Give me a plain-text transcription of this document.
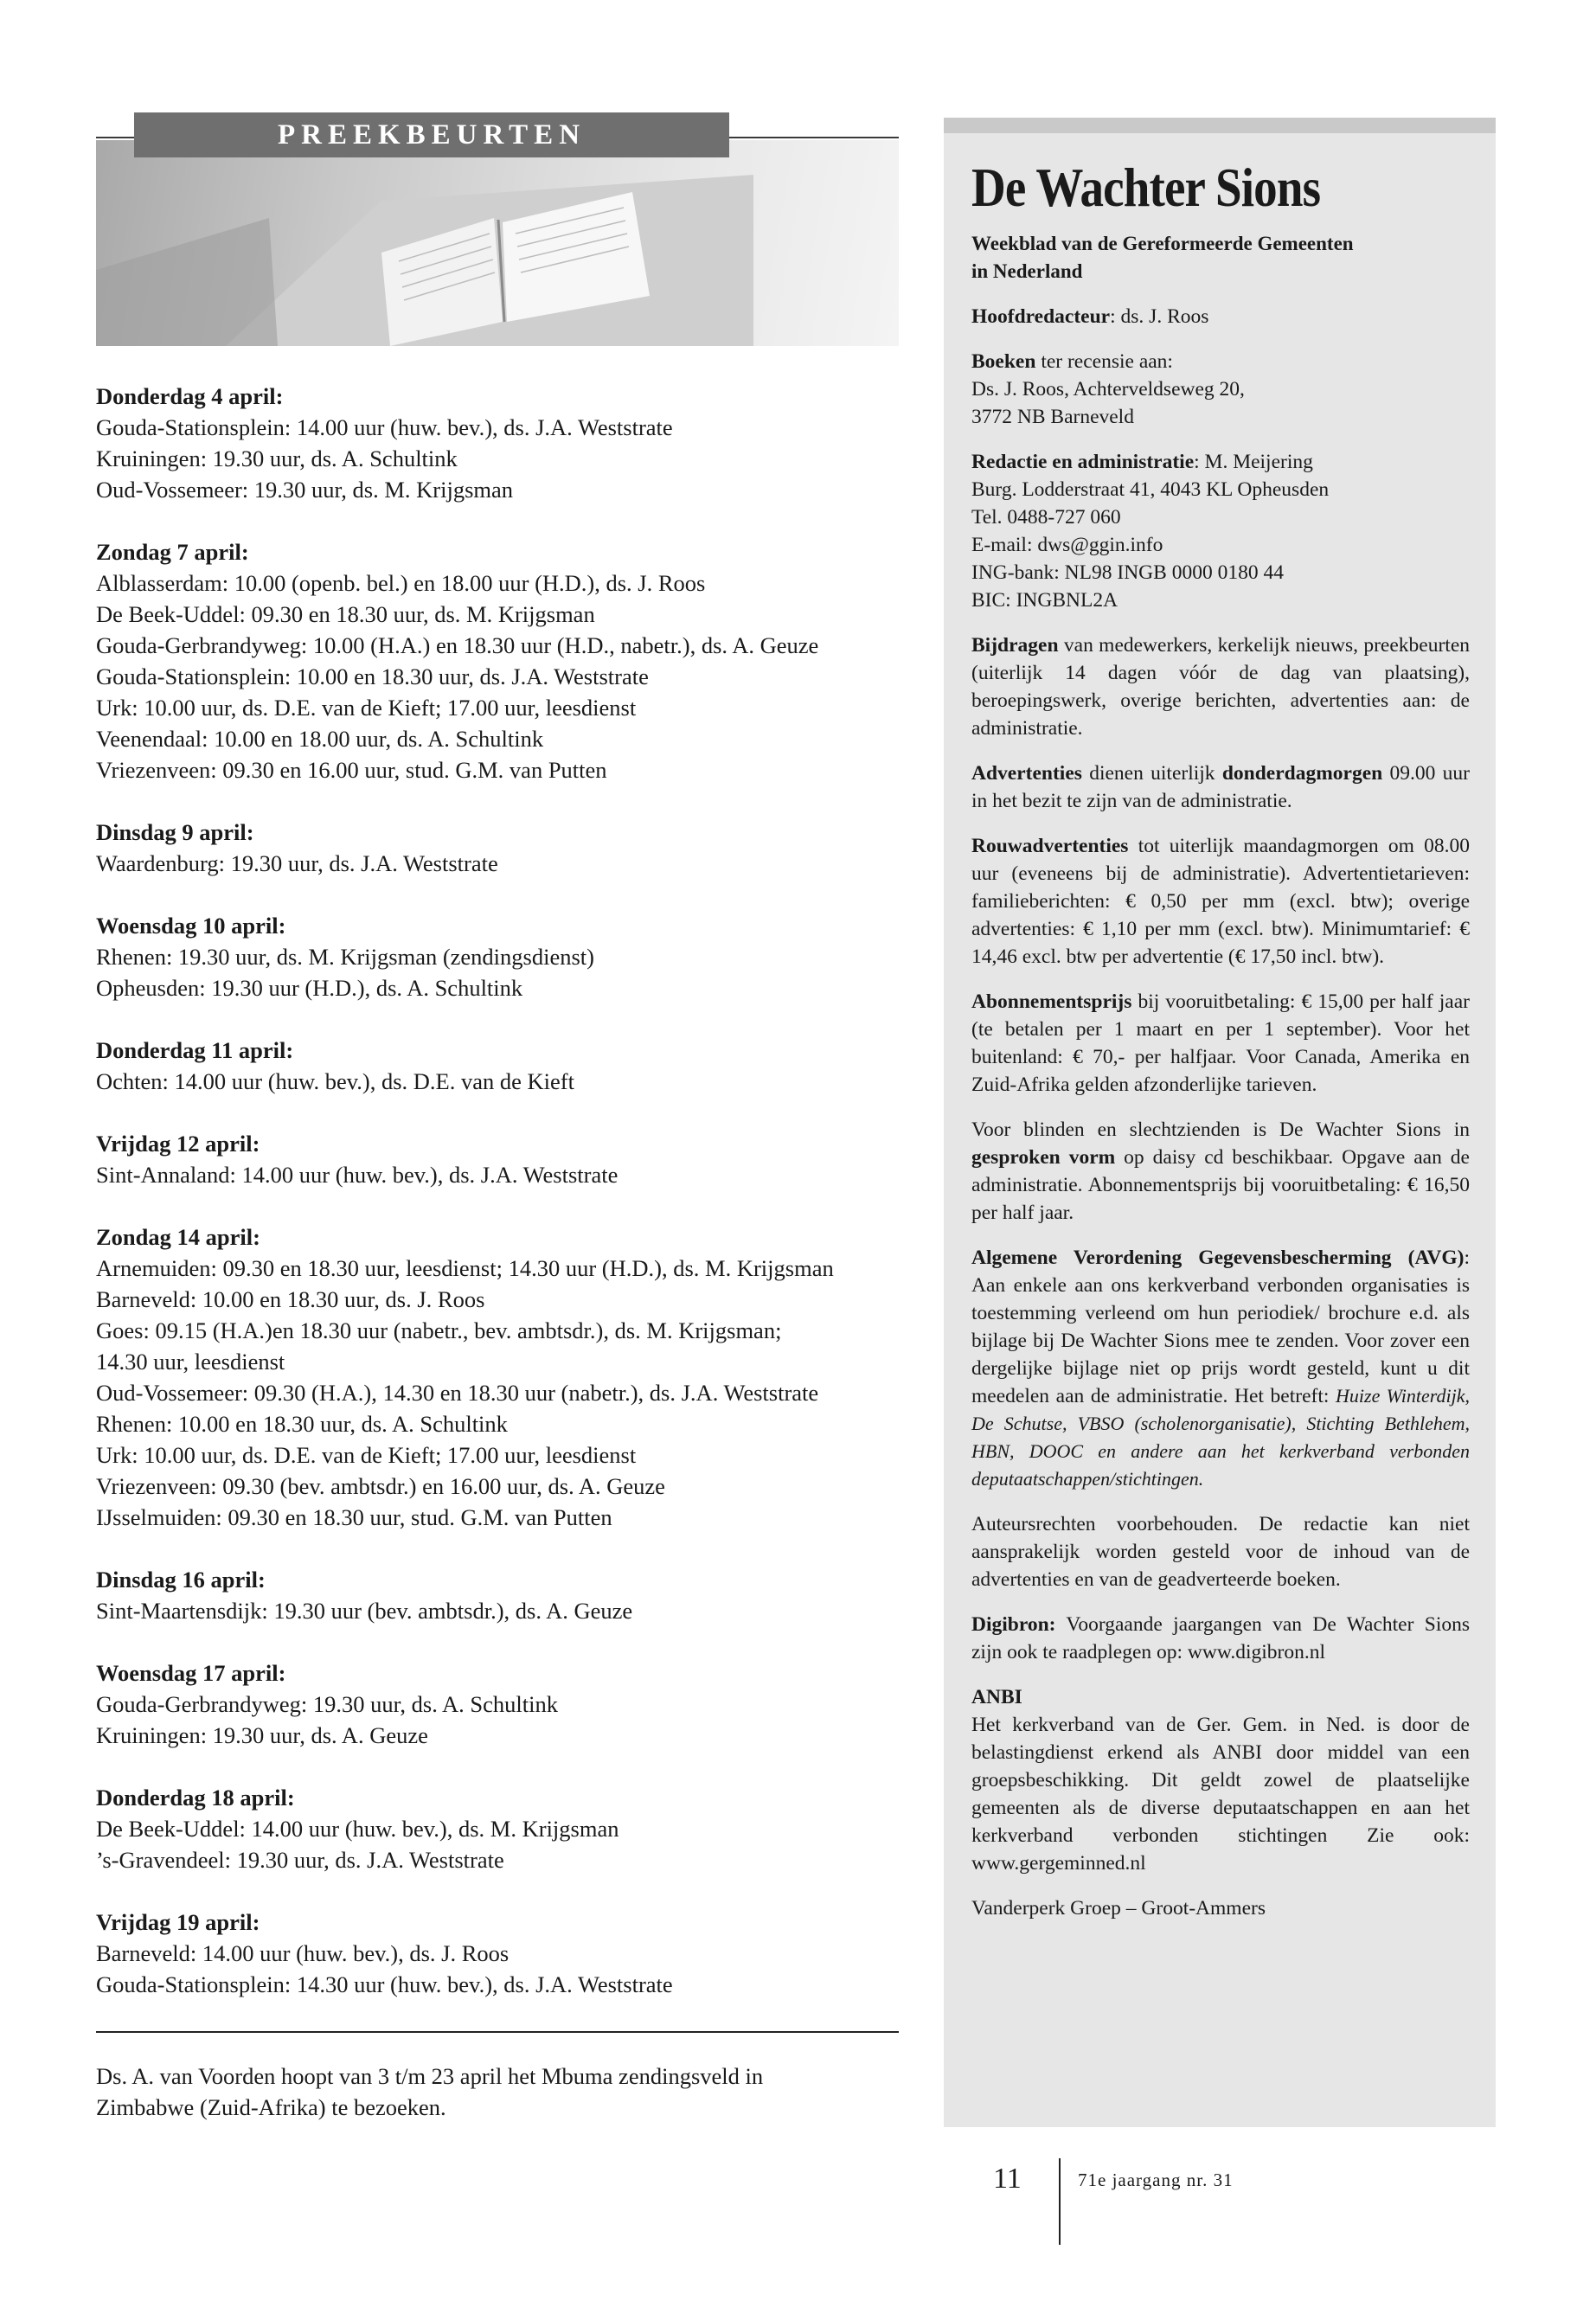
PREEKBEURTEN
Donderdag 4 april:
Gouda-Stationsplein: 14.00 uur (huw. bev.), ds. J.A. Weststrate
Kruiningen: 19.30 uur, ds. A. Schultink
Oud-Vossemeer: 19.30 uur, ds. M. Krijgsman
Zondag 7 april:
Alblasserdam: 10.00 (openb. bel.) en 18.00 uur (H.D.), ds. J. Roos
De Beek-Uddel: 09.30 en 18.30 uur, ds. M. Krijgsman
Gouda-Gerbrandyweg: 10.00 (H.A.) en 18.30 uur (H.D., nabetr.), ds. A. Geuze
Gouda-Stationsplein: 10.00 en 18.30 uur, ds. J.A. Weststrate
Urk: 10.00 uur, ds. D.E. van de Kieft; 17.00 uur, leesdienst
Veenendaal: 10.00 en 18.00 uur, ds. A. Schultink
Vriezenveen: 09.30 en 16.00 uur, stud. G.M. van Putten
Dinsdag 9 april:
Waardenburg: 19.30 uur, ds. J.A. Weststrate
Woensdag 10 april:
Rhenen: 19.30 uur, ds. M. Krijgsman (zendingsdienst)
Opheusden: 19.30 uur (H.D.), ds. A. Schultink
Donderdag 11 april:
Ochten: 14.00 uur (huw. bev.), ds. D.E. van de Kieft
Vrijdag 12 april:
Sint-Annaland: 14.00 uur (huw. bev.), ds. J.A. Weststrate
Zondag 14 april:
Arnemuiden: 09.30 en 18.30 uur, leesdienst; 14.30 uur (H.D.), ds. M. Krijgsman
Barneveld: 10.00 en 18.30 uur, ds. J. Roos
Goes: 09.15 (H.A.)en 18.30 uur (nabetr., bev. ambtsdr.), ds. M. Krijgsman;
14.30 uur, leesdienst
Oud-Vossemeer: 09.30 (H.A.), 14.30 en 18.30 uur (nabetr.), ds. J.A. Weststrate
Rhenen: 10.00 en 18.30 uur, ds. A. Schultink
Urk: 10.00 uur, ds. D.E. van de Kieft; 17.00 uur, leesdienst
Vriezenveen: 09.30 (bev. ambtsdr.) en 16.00 uur, ds. A. Geuze
IJsselmuiden: 09.30 en 18.30 uur, stud. G.M. van Putten
Dinsdag 16 april:
Sint-Maartensdijk: 19.30 uur (bev. ambtsdr.), ds. A. Geuze
Woensdag 17 april:
Gouda-Gerbrandyweg: 19.30 uur, ds. A. Schultink
Kruiningen: 19.30 uur, ds. A. Geuze
Donderdag 18 april:
De Beek-Uddel: 14.00 uur (huw. bev.), ds. M. Krijgsman
’s-Gravendeel: 19.30 uur, ds. J.A. Weststrate
Vrijdag 19 april:
Barneveld: 14.00 uur (huw. bev.), ds. J. Roos
Gouda-Stationsplein: 14.30 uur (huw. bev.), ds. J.A. Weststrate
Ds. A. van Voorden hoopt van 3 t/m 23 april het Mbuma zendingsveld in
Zimbabwe (Zuid-Afrika) te bezoeken.
De Wachter Sions
Weekblad van de Gereformeerde Gemeenten
in Nederland
Hoofdredacteur: ds. J. Roos
Boeken ter recensie aan:
Ds. J. Roos, Achterveldseweg 20,
3772 NB Barneveld
Redactie en administratie: M. Meijering
Burg. Lodderstraat 41, 4043 KL Opheusden
Tel. 0488-727 060
E-mail: dws@ggin.info
ING-bank: NL98 INGB 0000 0180 44
BIC: INGBNL2A
Bijdragen van medewerkers, kerkelijk nieuws, preekbeurten (uiterlijk 14 dagen vóór de dag van plaatsing), beroepingswerk, overige berichten, advertenties aan: de administratie.
Advertenties dienen uiterlijk donderdagmorgen 09.00 uur in het bezit te zijn van de administratie.
Rouwadvertenties tot uiterlijk maandagmorgen om 08.00 uur (eveneens bij de administratie). Advertentietarieven: familieberichten: € 0,50 per mm (excl. btw); overige advertenties: € 1,10 per mm (excl. btw). Minimumtarief: € 14,46 excl. btw per advertentie (€ 17,50 incl. btw).
Abonnementsprijs bij vooruitbetaling: € 15,00 per half jaar (te betalen per 1 maart en per 1 september). Voor het buitenland: € 70,- per halfjaar. Voor Canada, Amerika en Zuid-Afrika gelden afzonderlijke tarieven.
Voor blinden en slechtzienden is De Wachter Sions in gesproken vorm op daisy cd beschikbaar. Opgave aan de administratie. Abonnementsprijs bij vooruitbetaling: € 16,50 per half jaar.
Algemene Verordening Gegevensbescherming (AVG): Aan enkele aan ons kerkverband verbonden organisaties is toestemming verleend om hun periodiek/ brochure e.d. als bijlage bij De Wachter Sions mee te zenden. Voor zover een dergelijke bijlage niet op prijs wordt gesteld, kunt u dit meedelen aan de administratie. Het betreft: Huize Winterdijk, De Schutse, VBSO (scholenorganisatie), Stichting Bethlehem, HBN, DOOC en andere aan het kerkverband verbonden deputaatschappen/stichtingen.
Auteursrechten voorbehouden. De redactie kan niet aansprakelijk worden gesteld voor de inhoud van de advertenties en van de geadverteerde boeken.
Digibron: Voorgaande jaargangen van De Wachter Sions zijn ook te raadplegen op: www.digibron.nl
ANBI
Het kerkverband van de Ger. Gem. in Ned. is door de belastingdienst erkend als ANBI door middel van een groepsbeschikking. Dit geldt zowel de plaatselijke gemeenten als de diverse deputaatschappen en aan het kerkverband verbonden stichtingen Zie ook: www.gergeminned.nl
Vanderperk Groep – Groot-Ammers
11	71e jaargang nr. 31
